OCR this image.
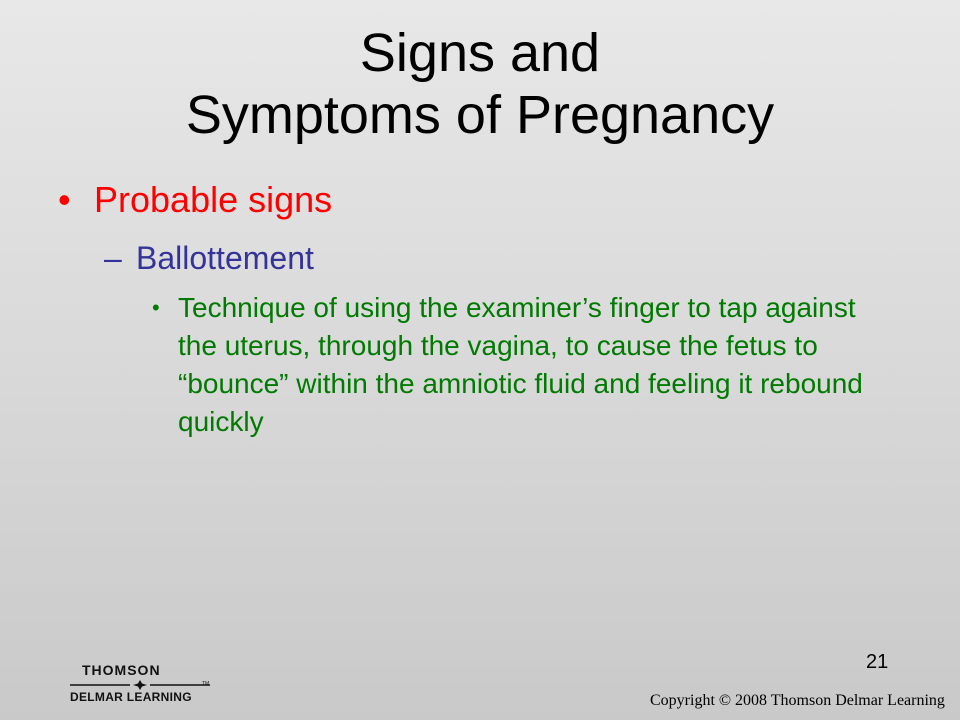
Signs and
Symptoms of Pregnancy
• Probable signs
– Ballottement
• Technique of using the examiner’s finger to tap against the uterus, through the vagina, to cause the fetus to “bounce” within the amniotic fluid and feeling it rebound quickly
21
THOMSON
TM
DELMAR LEARNING	Copyright © 2008 Thomson Delmar Learning
